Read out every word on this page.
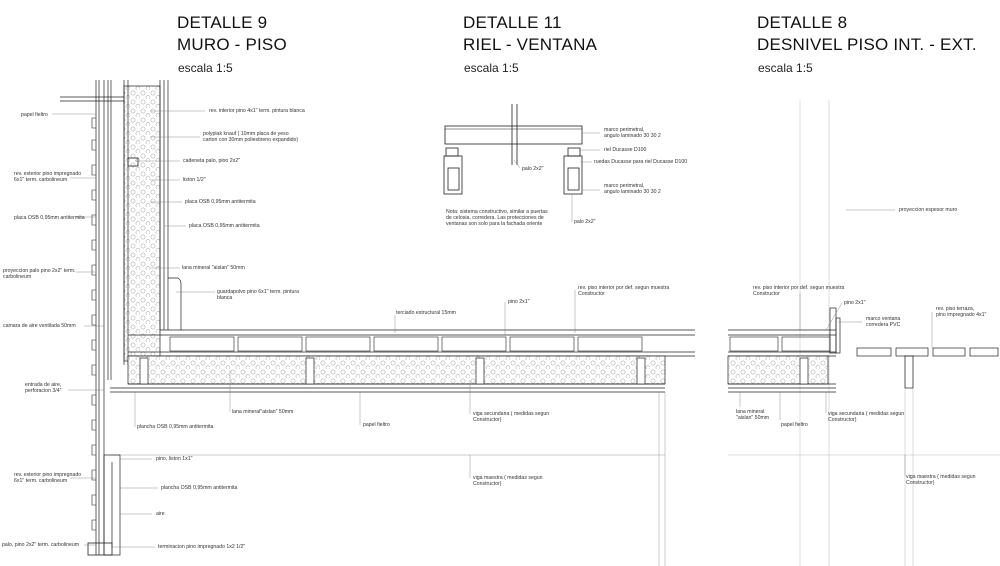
DETALLE 9
MURO - PISO
escala 1:5
DETALLE 11
RIEL - VENTANA
escala 1:5
DETALLE 8
DESNIVEL PISO INT. - EXT.
escala 1:5
papel fieltro
rev. exterior pino impregnado
6x1" term. carbolineum
placa OSB 0,95mm antitermita
proyeccion palo pino 2x2" term.
carbolineum
camara de aire ventilada 50mm
entrada de aire,
perforacion 3/4"
rev. exterior pino impregnado
6x1" term. carbolineum
palo, pino 2x2" term. carbolineum
rev. interior pino 4x1" term. pintura blanca
polyplak knauf ( 10mm placa de yeso
carton con 30mm poliestireno expandido)
cadeneta palo, pino 2x2"
liston 1/2"
placa OSB 0,95mm antitermita
placa OSB 0,95mm antitermita
lana mineral "aislan" 50mm
guardapolvo pino 6x1" term. pintura
blanca
lana mineral"aislan" 50mm
plancha OSB 0,95mm antitermita	papel fieltro
pino, liston 1x1"
plancha OSB 0,95mm antitermita
aire
terminacion pino impregnado 1x2 1/2"
terciado estructural 15mm
pino 2x1"
rev. piso interior por def. segun muestra
Constructor
viga secundaria ( medidas segun
Constructor)
viga maestra ( medidas segun
Constructor)
marco perimetral,
angulo laminado 30 30 2
riel Ducasse D100
ruedas Ducasse para riel Ducasse D100
palo 2x2"
marco perimetral,
angulo laminado 30 30 2
palo 2x2"
Nota: sistema constructivo, similar a puertas
de celosia, corredera. Las protecciones de
ventanas son solo para la fachada oriente
proyeccion espesor muro
rev. piso interior por def. segun muestra
Constructor
pino 2x1"
marco ventana
corredera PVC
rev. piso terraza,
pino impregnado 4x1"
lana mineral
"aislan" 50mm
papel fieltro
viga secundaria ( medidas segun
Constructor)
viga maestra ( medidas segun
Constructor)
